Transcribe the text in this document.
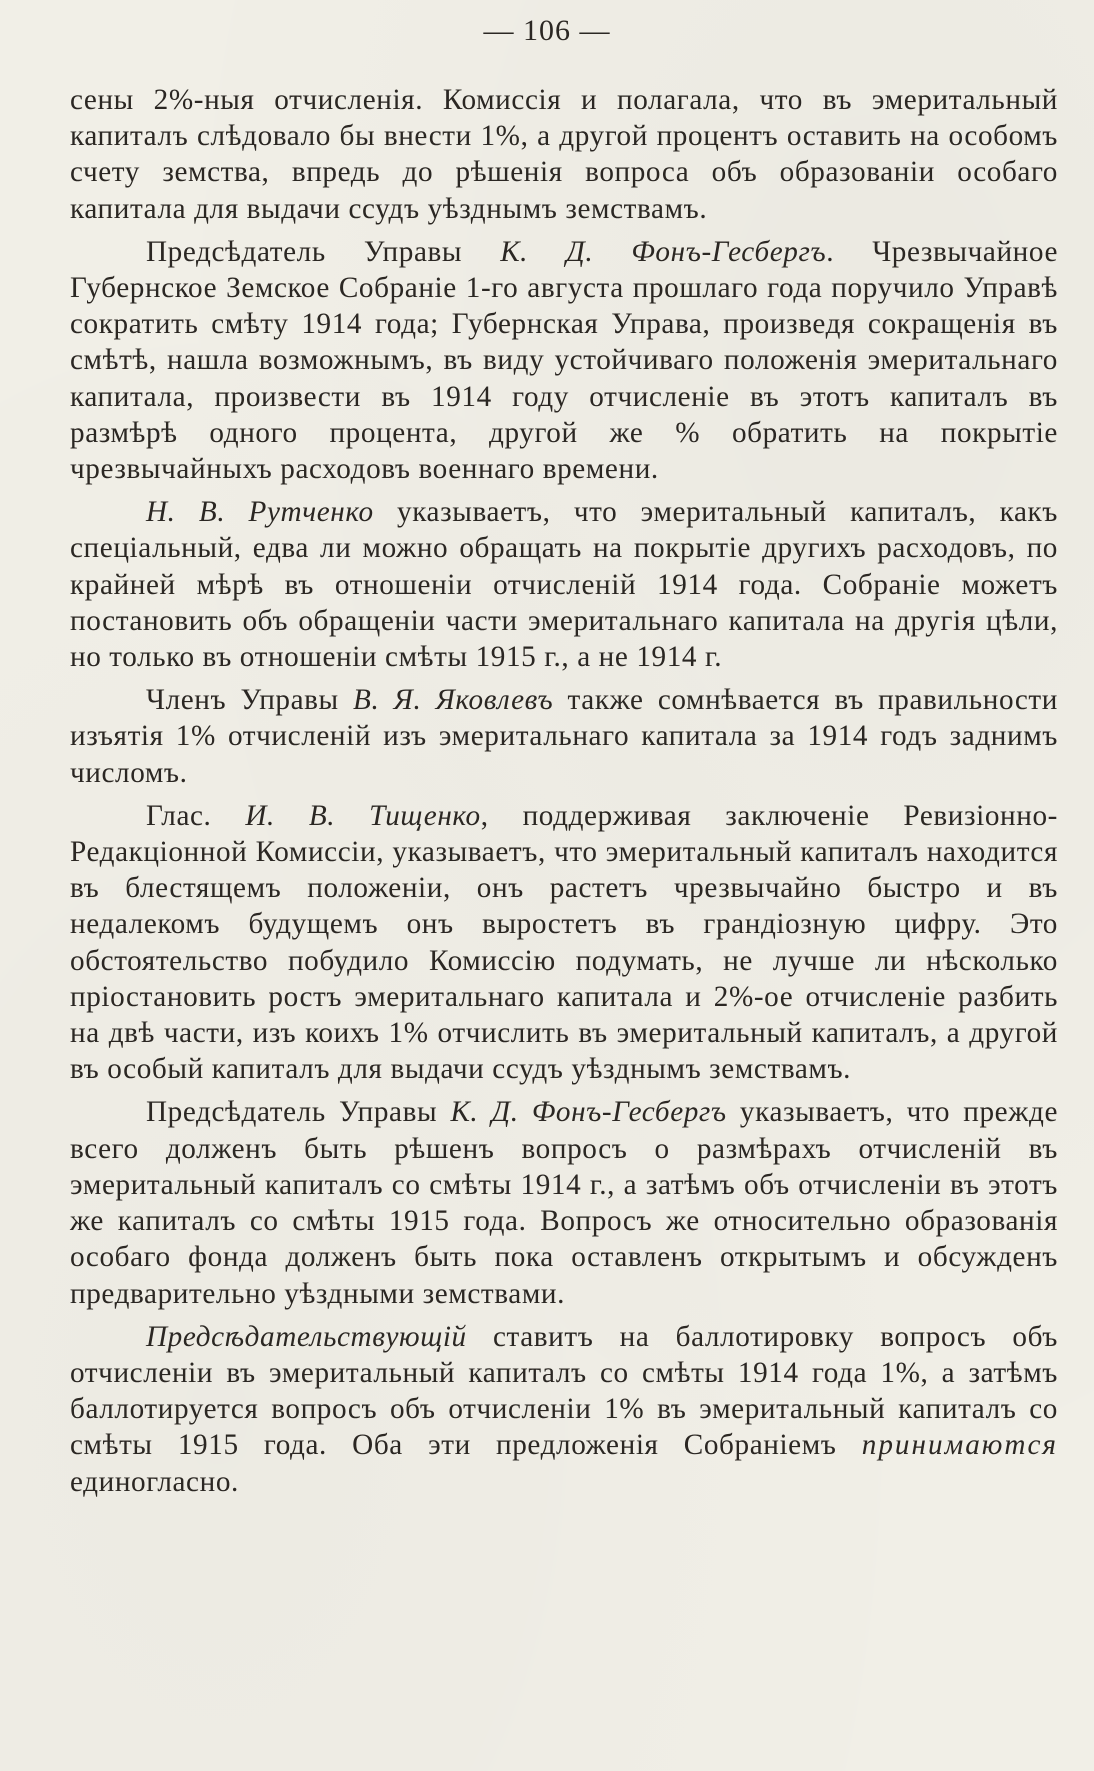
— 106 —

сены 2%-ныя отчисленія. Комиссія и полагала, что въ эмеритальный капиталъ слѣдовало бы внести 1%, а другой процентъ оставить на особомъ счету земства, впредь до рѣшенія вопроса объ образованіи особаго капитала для выдачи ссудъ уѣзднымъ земствамъ.

Предсѣдатель Управы К. Д. Фонъ-Гесбергъ. Чрезвычайное Губернское Земское Собраніе 1-го августа прошлаго года поручило Управѣ сократить смѣту 1914 года; Губернская Управа, произведя сокращенія въ смѣтѣ, нашла возможнымъ, въ виду устойчиваго положенія эмеритальнаго капитала, произвести въ 1914 году отчисленіе въ этотъ капиталъ въ размѣрѣ одного процента, другой же % обратить на покрытіе чрезвычайныхъ расходовъ военнаго времени.

Н. В. Рутченко указываетъ, что эмеритальный капиталъ, какъ спеціальный, едва ли можно обращать на покрытіе другихъ расходовъ, по крайней мѣрѣ въ отношеніи отчисленій 1914 года. Собраніе можетъ постановить объ обращеніи части эмеритальнаго капитала на другія цѣли, но только въ отношеніи смѣты 1915 г., а не 1914 г.

Членъ Управы В. Я. Яковлевъ также сомнѣвается въ правильности изъятія 1% отчисленій изъ эмеритальнаго капитала за 1914 годъ заднимъ числомъ.

Глас. И. В. Тищенко, поддерживая заключеніе Ревизіонно-Редакціонной Комиссіи, указываетъ, что эмеритальный капиталъ находится въ блестящемъ положеніи, онъ растетъ чрезвычайно быстро и въ недалекомъ будущемъ онъ выростетъ въ грандіозную цифру. Это обстоятельство побудило Комиссію подумать, не лучше ли нѣсколько пріостановить ростъ эмеритальнаго капитала и 2%-ое отчисленіе разбить на двѣ части, изъ коихъ 1% отчислить въ эмеритальный капиталъ, а другой въ особый капиталъ для выдачи ссудъ уѣзднымъ земствамъ.

Предсѣдатель Управы К. Д. Фонъ-Гесбергъ указываетъ, что прежде всего долженъ быть рѣшенъ вопросъ о размѣрахъ отчисленій въ эмеритальный капиталъ со смѣты 1914 г., а затѣмъ объ отчисленіи въ этотъ же капиталъ со смѣты 1915 года. Вопросъ же относительно образованія особаго фонда долженъ быть пока оставленъ открытымъ и обсужденъ предварительно уѣздными земствами.

Предсѣдательствующій ставитъ на баллотировку вопросъ объ отчисленіи въ эмеритальный капиталъ со смѣты 1914 года 1%, а затѣмъ баллотируется вопросъ объ отчисленіи 1% въ эмеритальный капиталъ со смѣты 1915 года. Оба эти предложенія Собраніемъ принимаются единогласно.
